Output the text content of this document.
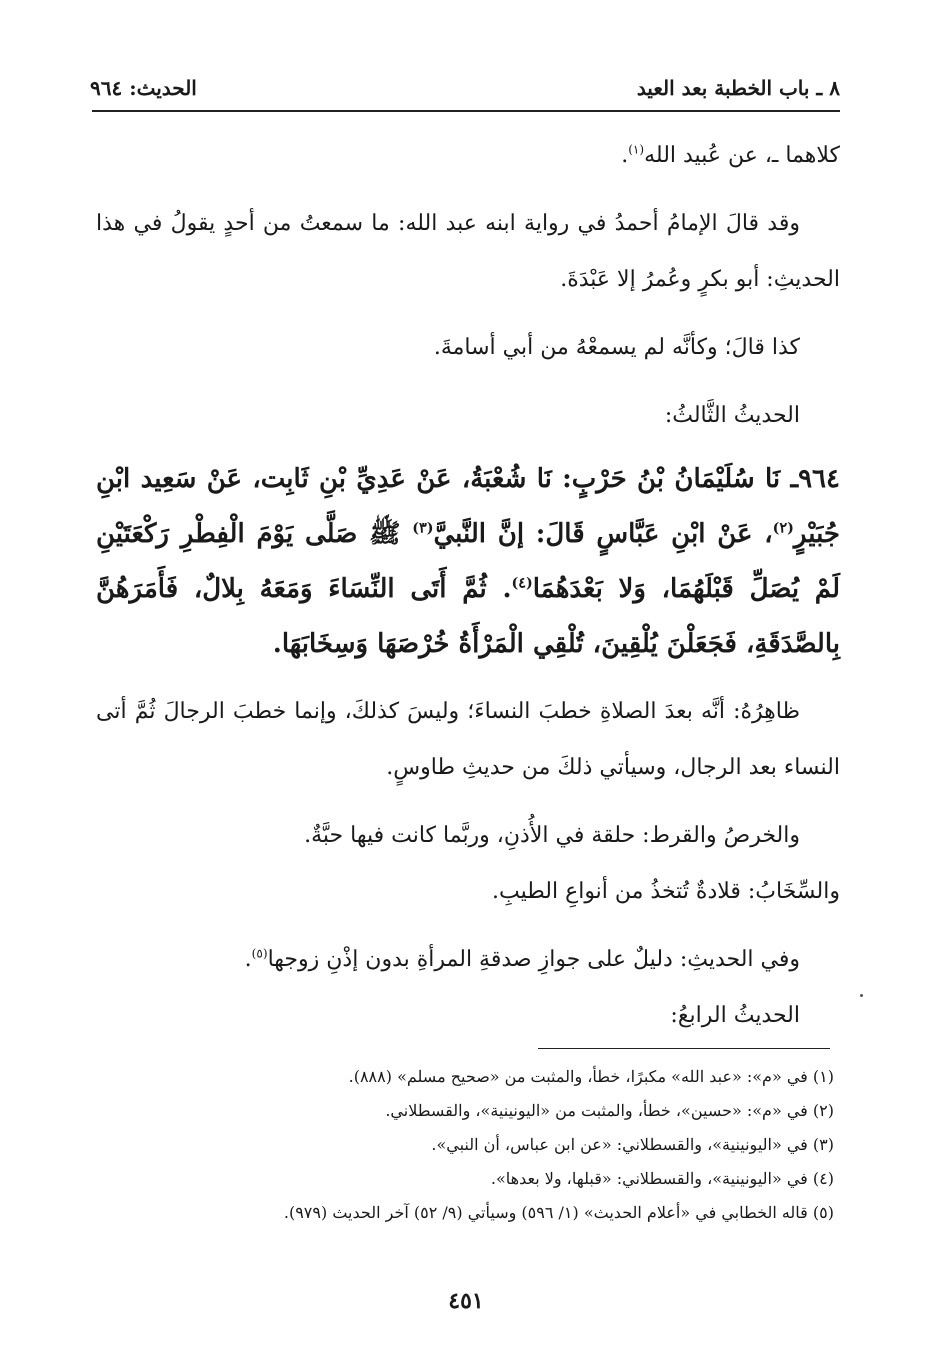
٨ ـ باب الخطبة بعد العيد
الحديث: ٩٦٤

كلاهما ـ، عن عُبيد الله$^{(١)}$.

وقد قالَ الإمامُ أحمدُ في رواية ابنه عبد الله: ما سمعتُ من أحدٍ يقولُ في هذا الحديثِ: أبو بكرٍ وعُمرُ إلا عَبْدَةَ.

كذا قالَ؛ وكأنَّه لم يسمعْهُ من أبي أسامةَ.

الحديثُ الثَّالثُ:

٩٦٤ـ نَا سُلَيْمَانُ بْنُ حَرْبٍ: نَا شُعْبَةُ، عَنْ عَدِيِّ بْنِ ثَابِت، عَنْ سَعِيد ابْنِ جُبَيْرٍ$^{(٢)}$، عَنْ ابْنِ عَبَّاسٍ قَالَ: إنَّ النَّبيَّ$^{(٣)}$ ﷺ صَلَّى يَوْمَ الْفِطْرِ رَكْعَتَيْنِ لَمْ يُصَلِّ قَبْلَهُمَا، وَلا بَعْدَهُمَا$^{(٤)}$. ثُمَّ أَتَى النِّسَاءَ وَمَعَهُ بِلالٌ، فَأَمَرَهُنَّ بِالصَّدَقَةِ، فَجَعَلْنَ يُلْقِينَ، تُلْقِي الْمَرْأَةُ خُرْصَهَا وَسِخَابَهَا.

ظاهِرُهُ: أنَّه بعدَ الصلاةِ خطبَ النساءَ؛ وليسَ كذلكَ، وإنما خطبَ الرجالَ ثُمَّ أتى النساء بعد الرجال، وسيأتي ذلكَ من حديثِ طاوسٍ.

والخرصُ والقرط: حلقة في الأُذنِ، وربَّما كانت فيها حبَّةٌ.

والسِّخَابُ: قلادةٌ تُتخذُ من أنواعِ الطيبِ.

وفي الحديثِ: دليلٌ على جوازِ صدقةِ المرأةِ بدون إذْنِ زوجها$^{(٥)}$.

الحديثُ الرابعُ:

(١) في «م»: «عبد الله» مكبرًا، خطأ، والمثبت من «صحيح مسلم» (٨٨٨).

(٢) في «م»: «حسين»، خطأ، والمثبت من «اليونينية»، والقسطلاني.

(٣) في «اليونينية»، والقسطلاني: «عن ابن عباس، أن النبي».

(٤) في «اليونينية»، والقسطلاني: «قبلها، ولا بعدها».

(٥) قاله الخطابي في «أعلام الحديث» (١/ ٥٩٦) وسيأتي (٩/ ٥٢) آخر الحديث (٩٧٩).

٤٥١
